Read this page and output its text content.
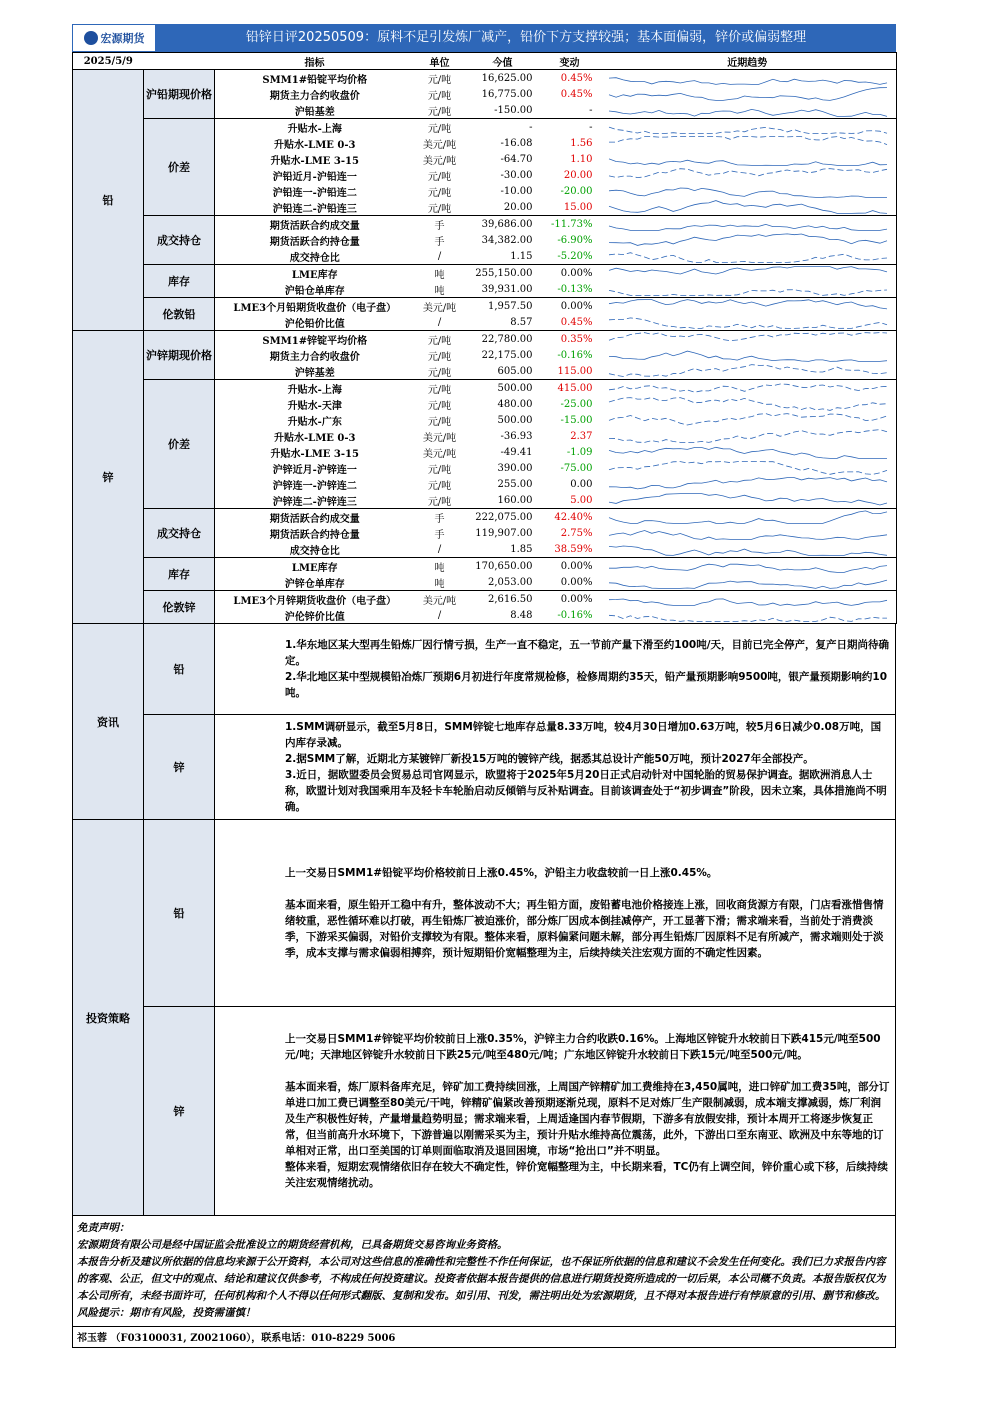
宏源期货	铅锌日评20250509：原料不足引发炼厂减产，铅价下方支撑较强；基本面偏弱，锌价或偏弱整理
2025/5/9		指标	单位	今值	变动	近期趋势
铅	沪铅期现价格	SMM1#铅锭平均价格	元/吨	16,625.00	0.45%	

		期货主力合约收盘价	元/吨	16,775.00	0.45%	

		沪铅基差	元/吨	-150.00	-	

	价差	升贴水-上海	元/吨	-	-	

		升贴水-LME 0-3	美元/吨	-16.08	1.56	

		升贴水-LME 3-15	美元/吨	-64.70	1.10	

		沪铅近月-沪铅连一	元/吨	-30.00	20.00	

		沪铅连一-沪铅连二	元/吨	-10.00	-20.00	

		沪铅连二-沪铅连三	元/吨	20.00	15.00	

	成交持仓	期货活跃合约成交量	手	39,686.00	-11.73%	

		期货活跃合约持仓量	手	34,382.00	-6.90%	

		成交持仓比	/	1.15	-5.20%	

	库存	LME库存	吨	255,150.00	0.00%	

		沪铅仓单库存	吨	39,931.00	-0.13%	

	伦敦铅	LME3个月铅期货收盘价（电子盘）	美元/吨	1,957.50	0.00%	

		沪伦铅价比值	/	8.57	0.45%	

锌	沪锌期现价格	SMM1#锌锭平均价格	元/吨	22,780.00	0.35%	

		期货主力合约收盘价	元/吨	22,175.00	-0.16%	

		沪锌基差	元/吨	605.00	115.00	

	价差	升贴水-上海	元/吨	500.00	415.00	

		升贴水-天津	元/吨	480.00	-25.00	

		升贴水-广东	元/吨	500.00	-15.00	

		升贴水-LME 0-3	美元/吨	-36.93	2.37	

		升贴水-LME 3-15	美元/吨	-49.41	-1.09	

		沪锌近月-沪锌连一	元/吨	390.00	-75.00	

		沪锌连一-沪锌连二	元/吨	255.00	0.00	

		沪锌连二-沪锌连三	元/吨	160.00	5.00	

	成交持仓	期货活跃合约成交量	手	222,075.00	42.40%	

		期货活跃合约持仓量	手	119,907.00	2.75%	

		成交持仓比	/	1.85	38.59%	

	库存	LME库存	吨	170,650.00	0.00%	

		沪锌仓单库存	吨	2,053.00	0.00%	

	伦敦锌	LME3个月锌期货收盘价（电子盘）	美元/吨	2,616.50	0.00%	

		沪伦锌价比值	/	8.48	-0.16%	
资讯	铅	1.华东地区某大型再生铅炼厂因行情亏损，生产一直不稳定，五一节前产量下滑至约100吨/天，目前已完全停产，复产日期尚待确定。

2.华北地区某中型规模铅冶炼厂预期6月初进行年度常规检修，检修周期约35天，铅产量预期影响9500吨，银产量预期影响约10吨。

	锌	1.SMM调研显示，截至5月8日，SMM锌锭七地库存总量8.33万吨，较4月30日增加0.63万吨，较5月6日减少0.08万吨，国内库存录减。

2.据SMM了解，近期北方某镀锌厂新投15万吨的镀锌产线，据悉其总设计产能50万吨，预计2027年全部投产。

3.近日，据欧盟委员会贸易总司官网显示，欧盟将于2025年5月20日正式启动针对中国轮胎的贸易保护调查。据欧洲消息人士称，欧盟计划对我国乘用车及轻卡车轮胎启动反倾销与反补贴调查。目前该调查处于“初步调查”阶段，因未立案，具体措施尚不明确。

投资策略	铅	上一交易日SMM1#铅锭平均价格较前日上涨0.45%，沪铅主力收盘较前一日上涨0.45%。

基本面来看，原生铅开工稳中有升，整体波动不大；再生铅方面，废铅蓄电池价格接连上涨，回收商货源方有限，门店看涨惜售情绪较重，恶性循环难以打破，再生铅炼厂被迫涨价，部分炼厂因成本倒挂减停产，开工显著下滑；需求端来看，当前处于消费淡季，下游采买偏弱，对铅价支撑较为有限。整体来看，原料偏紧问题未解，部分再生铅炼厂因原料不足有所减产，需求端则处于淡季，成本支撑与需求偏弱相搏弈，预计短期铅价宽幅整理为主，后续持续关注宏观方面的不确定性因素。

	锌	上一交易日SMM1#锌锭平均价较前日上涨0.35%，沪锌主力合约收跌0.16%。上海地区锌锭升水较前日下跌415元/吨至500元/吨；天津地区锌锭升水较前日下跌25元/吨至480元/吨；广东地区锌锭升水较前日下跌15元/吨至500元/吨。

基本面来看，炼厂原料备库充足，锌矿加工费持续回涨，上周国产锌精矿加工费维持在3,450属吨，进口锌矿加工费35吨，部分订单进口加工费已调整至80美元/干吨，锌精矿偏紧改善预期逐渐兑现，原料不足对炼厂生产限制减弱，成本端支撑减弱，炼厂利润及生产积极性好转，产量增量趋势明显；需求端来看，上周适逢国内春节假期，下游多有放假安排，预计本周开工将逐步恢复正常，但当前高升水环境下，下游普遍以刚需采买为主，预计升贴水维持高位震荡，此外，下游出口至东南亚、欧洲及中东等地的订单相对正常，出口至美国的订单则面临取消及退回困境，市场“抢出口”并不明显。

整体来看，短期宏观情绪依旧存在较大不确定性，锌价宽幅整理为主，中长期来看，TC仍有上调空间，锌价重心或下移，后续持续关注宏观情绪扰动。

免责声明：
宏源期货有限公司是经中国证监会批准设立的期货经营机构，已具备期货交易咨询业务资格。
本报告分析及建议所依据的信息均来源于公开资料，本公司对这些信息的准确性和完整性不作任何保证，也不保证所依据的信息和建议不会发生任何变化。我们已力求报告内容的客观、公正，但文中的观点、结论和建议仅供参考，不构成任何投资建议。投资者依据本报告提供的信息进行期货投资所造成的一切后果，本公司概不负责。本报告版权仅为本公司所有，未经书面许可，任何机构和个人不得以任何形式翻版、复制和发布。如引用、刊发，需注明出处为宏源期货，且不得对本报告进行有悖原意的引用、删节和修改。
风险提示：期市有风险，投资需谨慎！
祁玉蓉 （F03100031, Z0021060），联系电话：010-8229 5006
